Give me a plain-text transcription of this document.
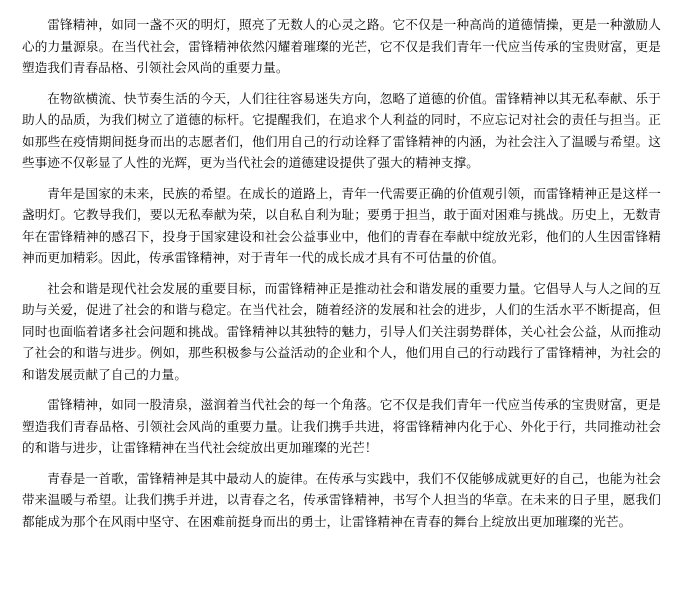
雷锋精神，如同一盏不灭的明灯，照亮了无数人的心灵之路。它不仅是一种高尚的道德情操，更是一种激励人心的力量源泉。在当代社会，雷锋精神依然闪耀着璀璨的光芒，它不仅是我们青年一代应当传承的宝贵财富，更是塑造我们青春品格、引领社会风尚的重要力量。

在物欲横流、快节奏生活的今天，人们往往容易迷失方向，忽略了道德的价值。雷锋精神以其无私奉献、乐于助人的品质，为我们树立了道德的标杆。它提醒我们，在追求个人利益的同时，不应忘记对社会的责任与担当。正如那些在疫情期间挺身而出的志愿者们，他们用自己的行动诠释了雷锋精神的内涵，为社会注入了温暖与希望。这些事迹不仅彰显了人性的光辉，更为当代社会的道德建设提供了强大的精神支撑。

青年是国家的未来，民族的希望。在成长的道路上，青年一代需要正确的价值观引领，而雷锋精神正是这样一盏明灯。它教导我们，要以无私奉献为荣，以自私自利为耻；要勇于担当，敢于面对困难与挑战。历史上，无数青年在雷锋精神的感召下，投身于国家建设和社会公益事业中，他们的青春在奉献中绽放光彩，他们的人生因雷锋精神而更加精彩。因此，传承雷锋精神，对于青年一代的成长成才具有不可估量的价值。

社会和谐是现代社会发展的重要目标，而雷锋精神正是推动社会和谐发展的重要力量。它倡导人与人之间的互助与关爱，促进了社会的和谐与稳定。在当代社会，随着经济的发展和社会的进步，人们的生活水平不断提高，但同时也面临着诸多社会问题和挑战。雷锋精神以其独特的魅力，引导人们关注弱势群体，关心社会公益，从而推动了社会的和谐与进步。例如，那些积极参与公益活动的企业和个人，他们用自己的行动践行了雷锋精神，为社会的和谐发展贡献了自己的力量。

雷锋精神，如同一股清泉，滋润着当代社会的每一个角落。它不仅是我们青年一代应当传承的宝贵财富，更是塑造我们青春品格、引领社会风尚的重要力量。让我们携手共进，将雷锋精神内化于心、外化于行，共同推动社会的和谐与进步，让雷锋精神在当代社会绽放出更加璀璨的光芒！

青春是一首歌，雷锋精神是其中最动人的旋律。在传承与实践中，我们不仅能够成就更好的自己，也能为社会带来温暖与希望。让我们携手并进，以青春之名，传承雷锋精神，书写个人担当的华章。在未来的日子里，愿我们都能成为那个在风雨中坚守、在困难前挺身而出的勇士，让雷锋精神在青春的舞台上绽放出更加璀璨的光芒。
